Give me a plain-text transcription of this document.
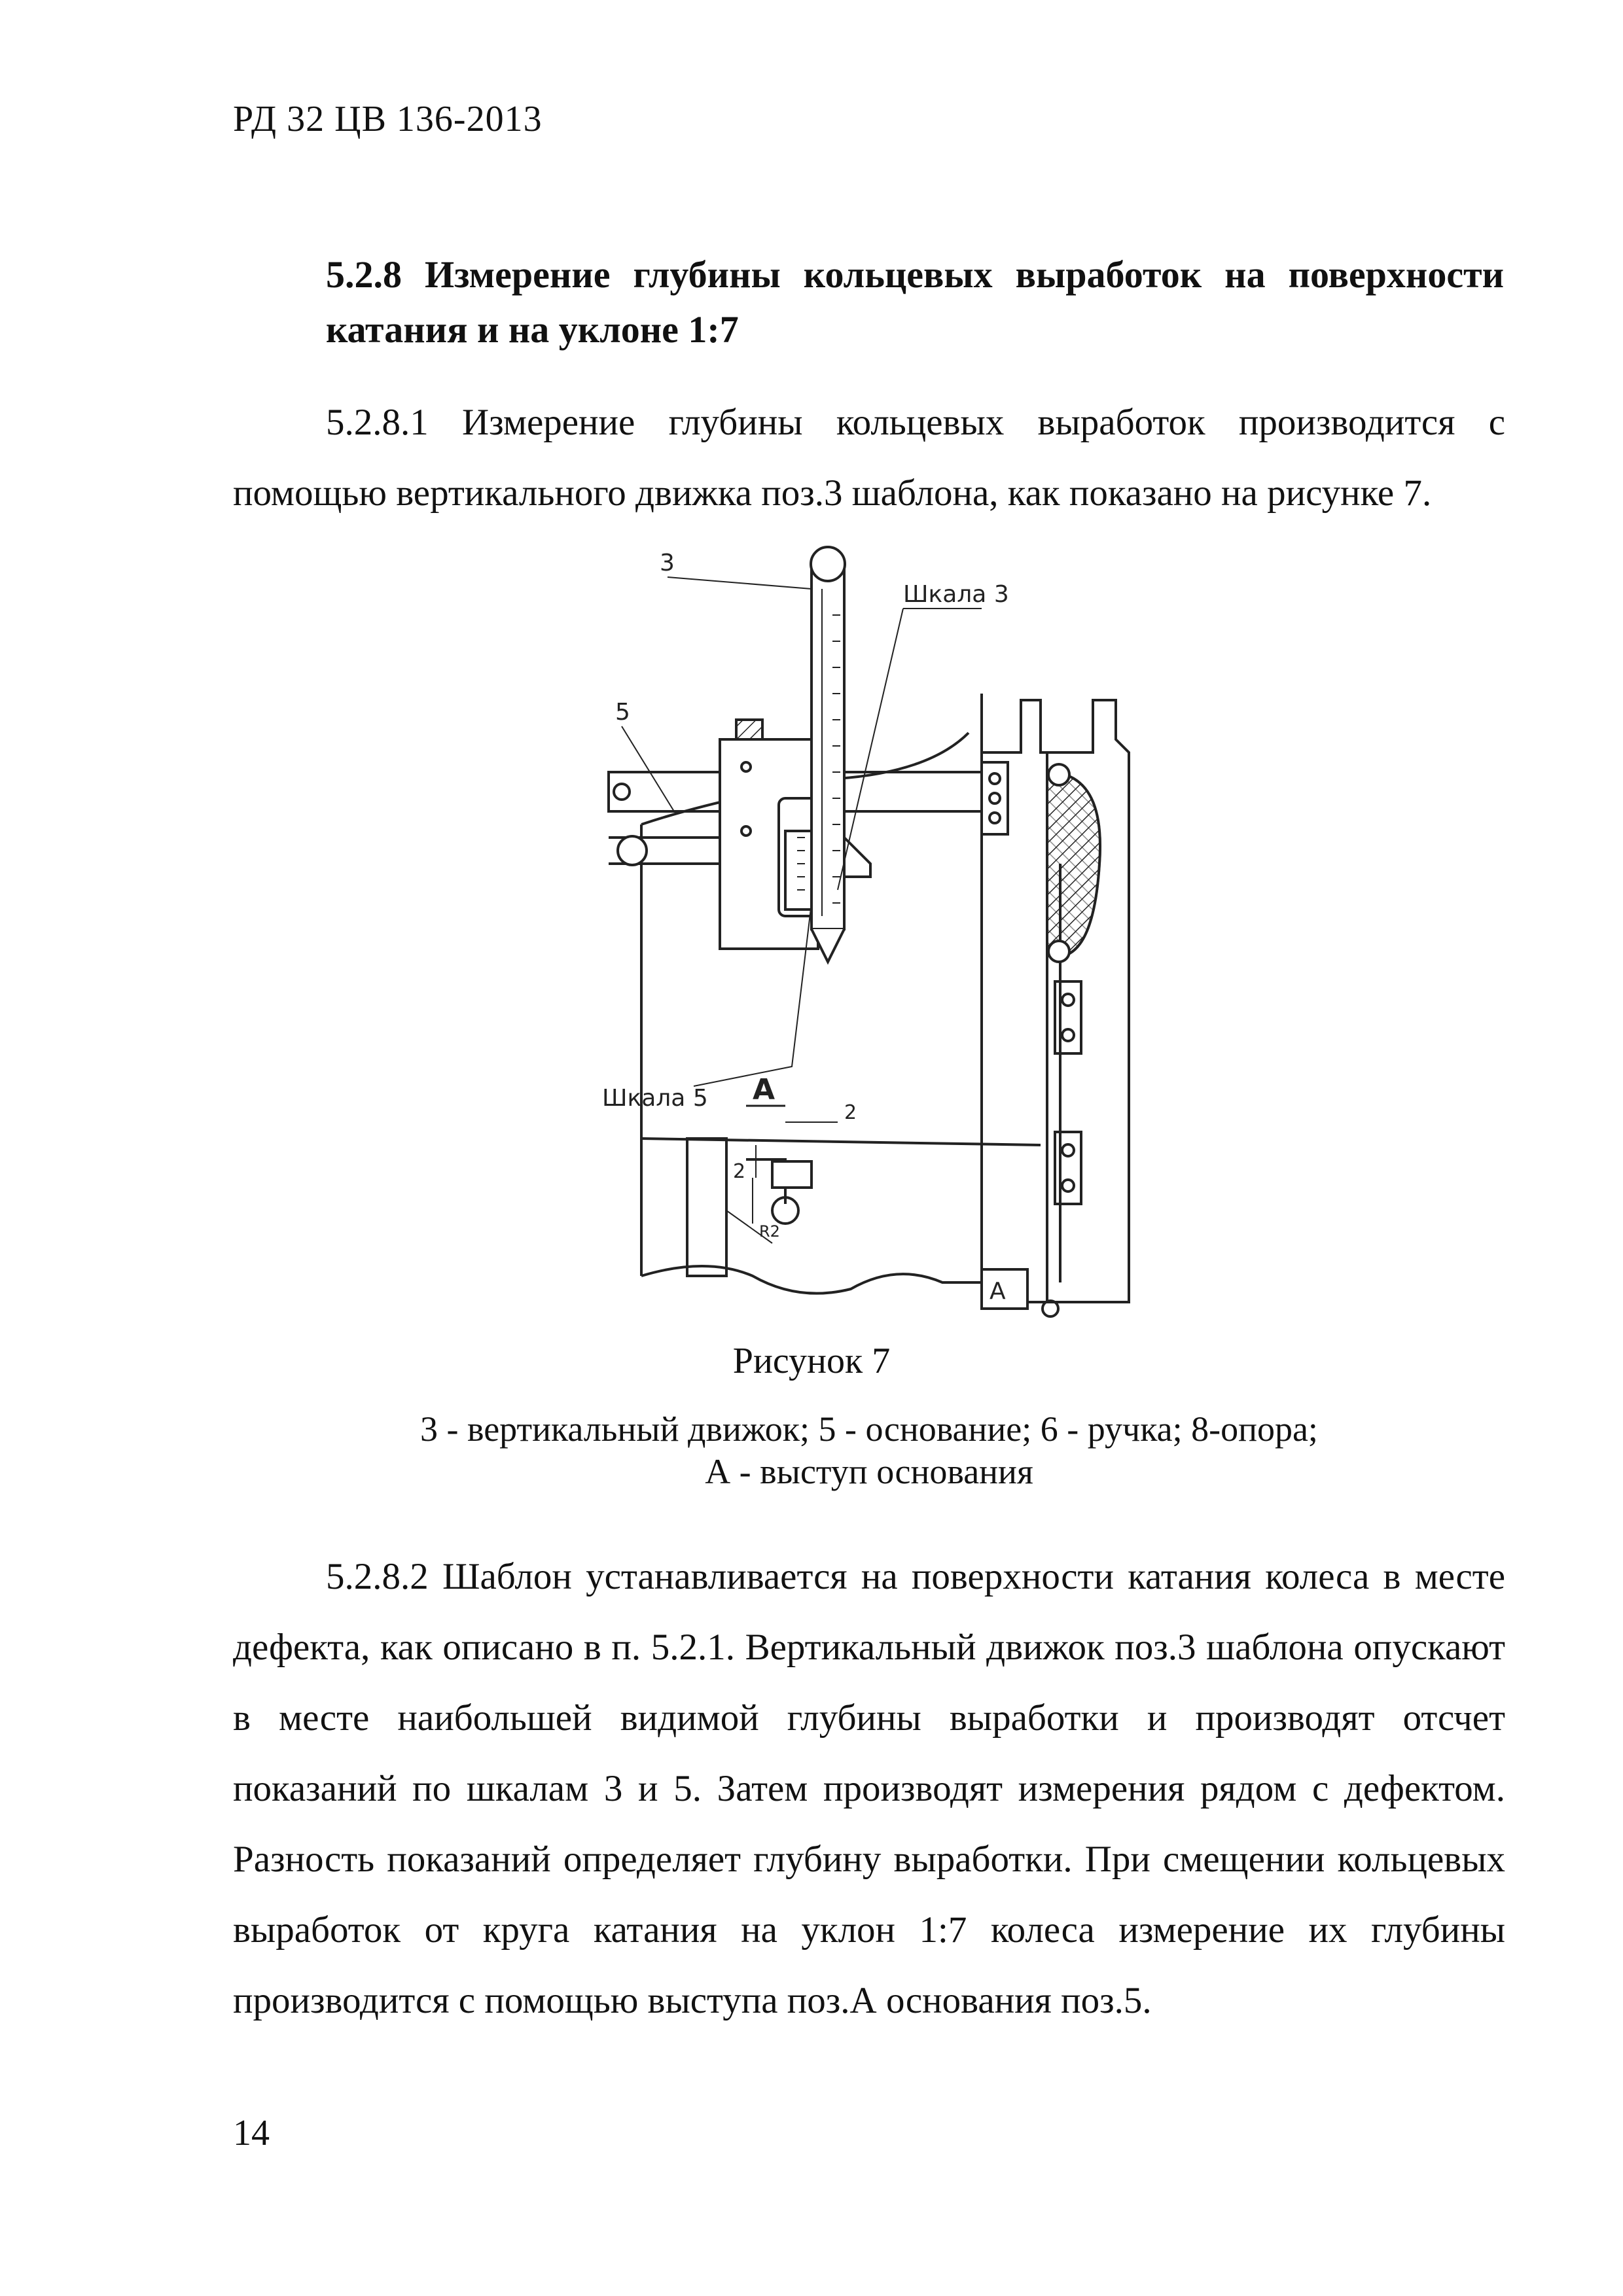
РД 32 ЦВ 136-2013
5.2.8 Измерение глубины кольцевых выработок на поверхности катания и на уклоне 1:7
5.2.8.1 Измерение глубины кольцевых выработок производится с помощью вертикального движка поз.3 шаблона, как показано на рисунке 7.
3
5
Шкала 3
Шкала 5 А
2
2
R2
А
Рисунок 7
3 - вертикальный движок; 5 - основание; 6 - ручка; 8-опора;
А - выступ основания
5.2.8.2 Шаблон устанавливается на поверхности катания колеса в месте дефекта, как описано в п. 5.2.1. Вертикальный движок поз.3 шаблона опускают в месте наибольшей видимой глубины выработки и производят отсчет показаний по шкалам 3 и 5. Затем производят измерения рядом с дефектом. Разность показаний определяет глубину выработки. При смещении кольцевых выработок от круга катания на уклон 1:7 колеса измерение их глубины производится с помощью выступа поз.А основания поз.5.
14
